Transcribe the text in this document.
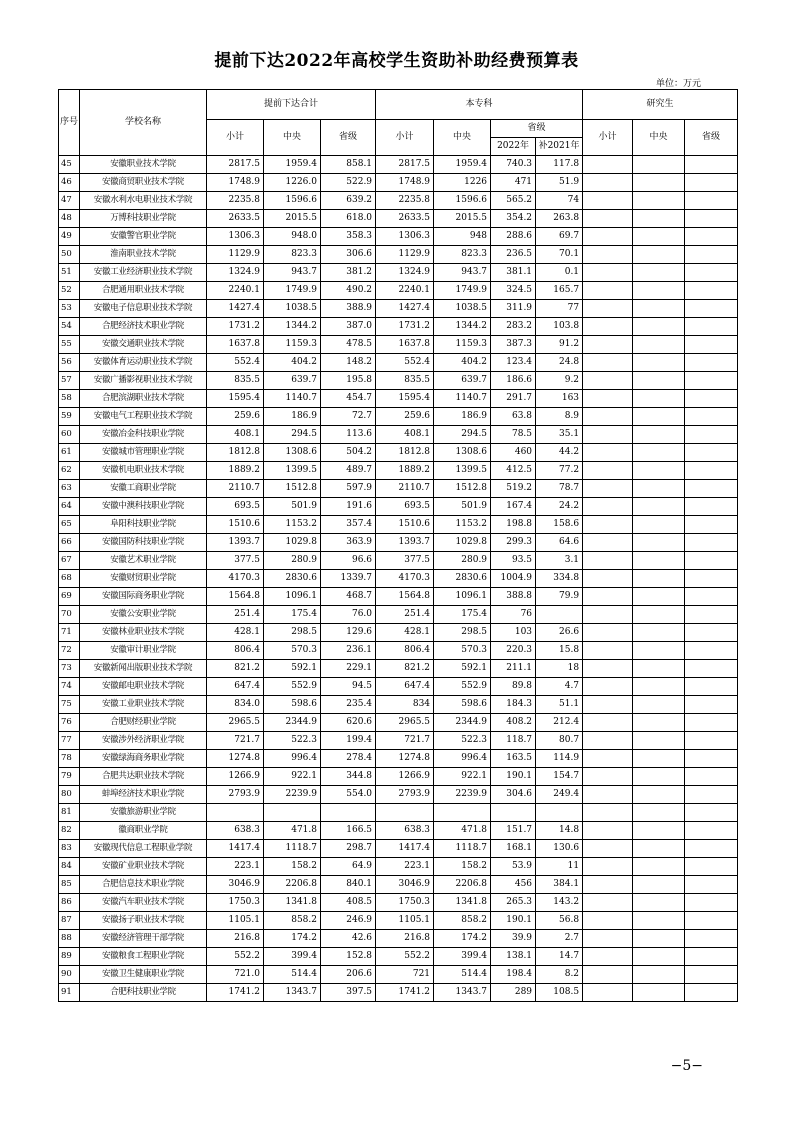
提前下达2022年高校学生资助补助经费预算表
单位：万元
序号	学校名称	提前下达合计			本专科				研究生		
		小计	中央	省级	小计	中央	省级		小计	中央	省级
							2022年	补2021年			
45	安徽职业技术学院	2817.5	1959.4	858.1	2817.5	1959.4	740.3	117.8			
46	安徽商贸职业技术学院	1748.9	1226.0	522.9	1748.9	1226	471	51.9			
47	安徽水利水电职业技术学院	2235.8	1596.6	639.2	2235.8	1596.6	565.2	74			
48	万博科技职业学院	2633.5	2015.5	618.0	2633.5	2015.5	354.2	263.8			
49	安徽警官职业学院	1306.3	948.0	358.3	1306.3	948	288.6	69.7			
50	淮南职业技术学院	1129.9	823.3	306.6	1129.9	823.3	236.5	70.1			
51	安徽工业经济职业技术学院	1324.9	943.7	381.2	1324.9	943.7	381.1	0.1			
52	合肥通用职业技术学院	2240.1	1749.9	490.2	2240.1	1749.9	324.5	165.7			
53	安徽电子信息职业技术学院	1427.4	1038.5	388.9	1427.4	1038.5	311.9	77			
54	合肥经济技术职业学院	1731.2	1344.2	387.0	1731.2	1344.2	283.2	103.8			
55	安徽交通职业技术学院	1637.8	1159.3	478.5	1637.8	1159.3	387.3	91.2			
56	安徽体育运动职业技术学院	552.4	404.2	148.2	552.4	404.2	123.4	24.8			
57	安徽广播影视职业技术学院	835.5	639.7	195.8	835.5	639.7	186.6	9.2			
58	合肥滨湖职业技术学院	1595.4	1140.7	454.7	1595.4	1140.7	291.7	163			
59	安徽电气工程职业技术学院	259.6	186.9	72.7	259.6	186.9	63.8	8.9			
60	安徽冶金科技职业学院	408.1	294.5	113.6	408.1	294.5	78.5	35.1			
61	安徽城市管理职业学院	1812.8	1308.6	504.2	1812.8	1308.6	460	44.2			
62	安徽机电职业技术学院	1889.2	1399.5	489.7	1889.2	1399.5	412.5	77.2			
63	安徽工商职业学院	2110.7	1512.8	597.9	2110.7	1512.8	519.2	78.7			
64	安徽中澳科技职业学院	693.5	501.9	191.6	693.5	501.9	167.4	24.2			
65	阜阳科技职业学院	1510.6	1153.2	357.4	1510.6	1153.2	198.8	158.6			
66	安徽国防科技职业学院	1393.7	1029.8	363.9	1393.7	1029.8	299.3	64.6			
67	安徽艺术职业学院	377.5	280.9	96.6	377.5	280.9	93.5	3.1			
68	安徽财贸职业学院	4170.3	2830.6	1339.7	4170.3	2830.6	1004.9	334.8			
69	安徽国际商务职业学院	1564.8	1096.1	468.7	1564.8	1096.1	388.8	79.9			
70	安徽公安职业学院	251.4	175.4	76.0	251.4	175.4	76				
71	安徽林业职业技术学院	428.1	298.5	129.6	428.1	298.5	103	26.6			
72	安徽审计职业学院	806.4	570.3	236.1	806.4	570.3	220.3	15.8			
73	安徽新闻出版职业技术学院	821.2	592.1	229.1	821.2	592.1	211.1	18			
74	安徽邮电职业技术学院	647.4	552.9	94.5	647.4	552.9	89.8	4.7			
75	安徽工业职业技术学院	834.0	598.6	235.4	834	598.6	184.3	51.1			
76	合肥财经职业学院	2965.5	2344.9	620.6	2965.5	2344.9	408.2	212.4			
77	安徽涉外经济职业学院	721.7	522.3	199.4	721.7	522.3	118.7	80.7			
78	安徽绿海商务职业学院	1274.8	996.4	278.4	1274.8	996.4	163.5	114.9			
79	合肥共达职业技术学院	1266.9	922.1	344.8	1266.9	922.1	190.1	154.7			
80	蚌埠经济技术职业学院	2793.9	2239.9	554.0	2793.9	2239.9	304.6	249.4			
81	安徽旅游职业学院										
82	徽商职业学院	638.3	471.8	166.5	638.3	471.8	151.7	14.8			
83	安徽现代信息工程职业学院	1417.4	1118.7	298.7	1417.4	1118.7	168.1	130.6			
84	安徽矿业职业技术学院	223.1	158.2	64.9	223.1	158.2	53.9	11			
85	合肥信息技术职业学院	3046.9	2206.8	840.1	3046.9	2206.8	456	384.1			
86	安徽汽车职业技术学院	1750.3	1341.8	408.5	1750.3	1341.8	265.3	143.2			
87	安徽扬子职业技术学院	1105.1	858.2	246.9	1105.1	858.2	190.1	56.8			
88	安徽经济管理干部学院	216.8	174.2	42.6	216.8	174.2	39.9	2.7			
89	安徽粮食工程职业学院	552.2	399.4	152.8	552.2	399.4	138.1	14.7			
90	安徽卫生健康职业学院	721.0	514.4	206.6	721	514.4	198.4	8.2			
91	合肥科技职业学院	1741.2	1343.7	397.5	1741.2	1343.7	289	108.5			
−5−
